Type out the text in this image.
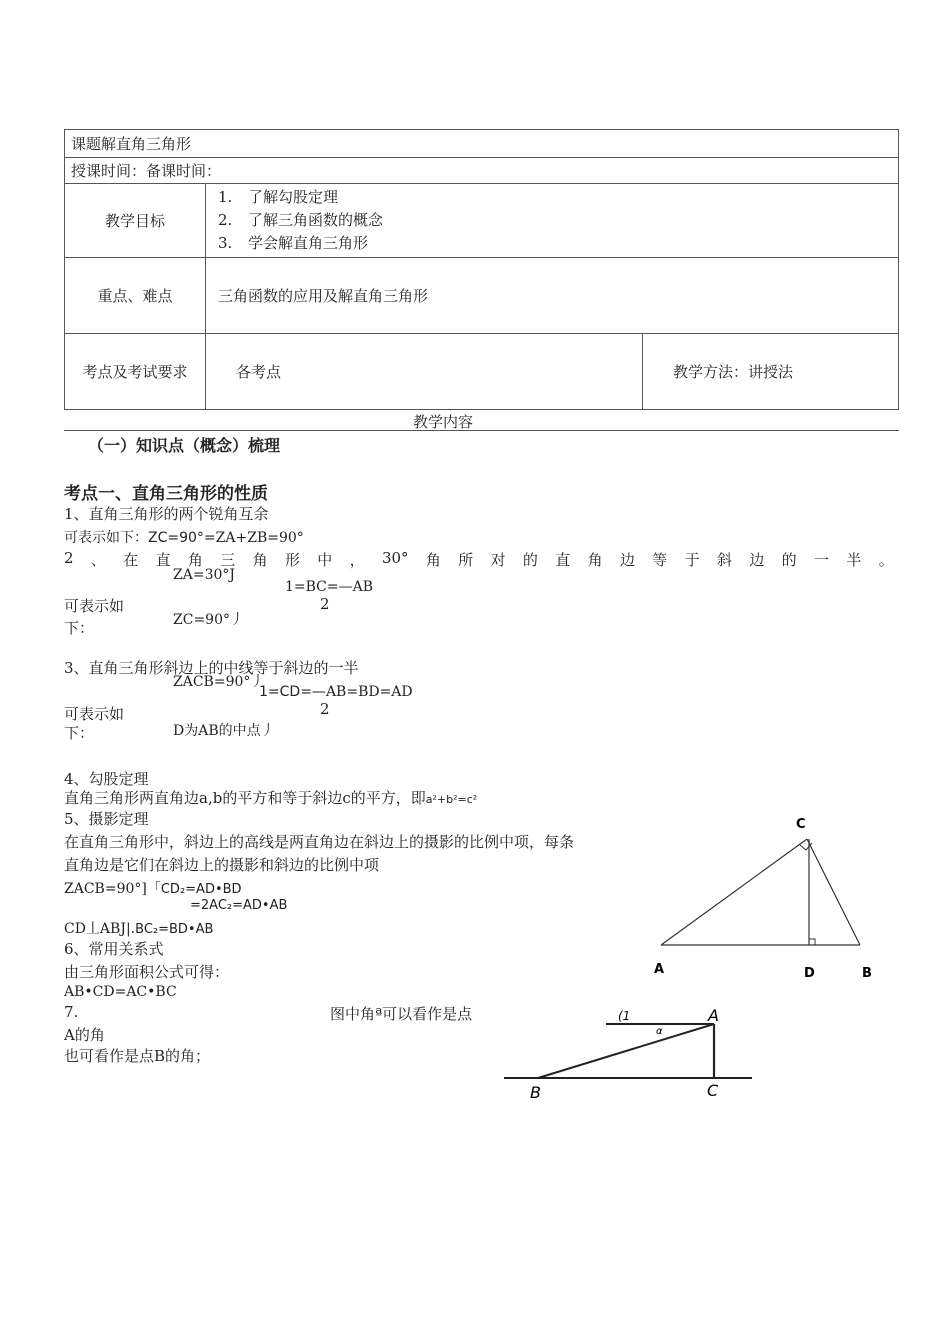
课题解直角三角形		
授课时间：备课时间：		
教学目标	1. 了解勾股定理
2. 了解三角函数的概念
3. 学会解直角三角形	

重点、难点	三角函数的应用及解直角三角形	
考点及考试要求	各考点	教学方法：讲授法
教学内容
（一）知识点（概念）梳理
考点一、直角三角形的性质
1、直角三角形的两个锐角互余
可表示如下：ZC=90°=ZA+ZB=90°
2 、 在 直 角 三 角 形 中 ， 30° 角 所 对 的 直 角 边 等 于 斜 边 的 一 半 。
ZA=30°J
1=BC=—AB
2
可表示如
下：	ZC=90°丿
3、直角三角形斜边上的中线等于斜边的一半
ZACB=90°丿
1=CD=—AB=BD=AD
2
可表示如
下：	D为AB的中点丿
4、勾股定理
直角三角形两直角边a,b的平方和等于斜边c的平方，即a²+b²=c²
5、摄影定理
在直角三角形中，斜边上的高线是两直角边在斜边上的摄影的比例中项，每条
直角边是它们在斜边上的摄影和斜边的比例中项
ZACB=90°]「CD₂=AD•BD
=2AC₂=AD•AB
CD丄ABJ|.BC₂=BD•AB
6、常用关系式
由三角形面积公式可得：
AB•CD=AC•BC
7.	图中角ª可以看作是点
A的角
也可看作是点B的角；
C
A	D	B
(1	A
α
B	C
